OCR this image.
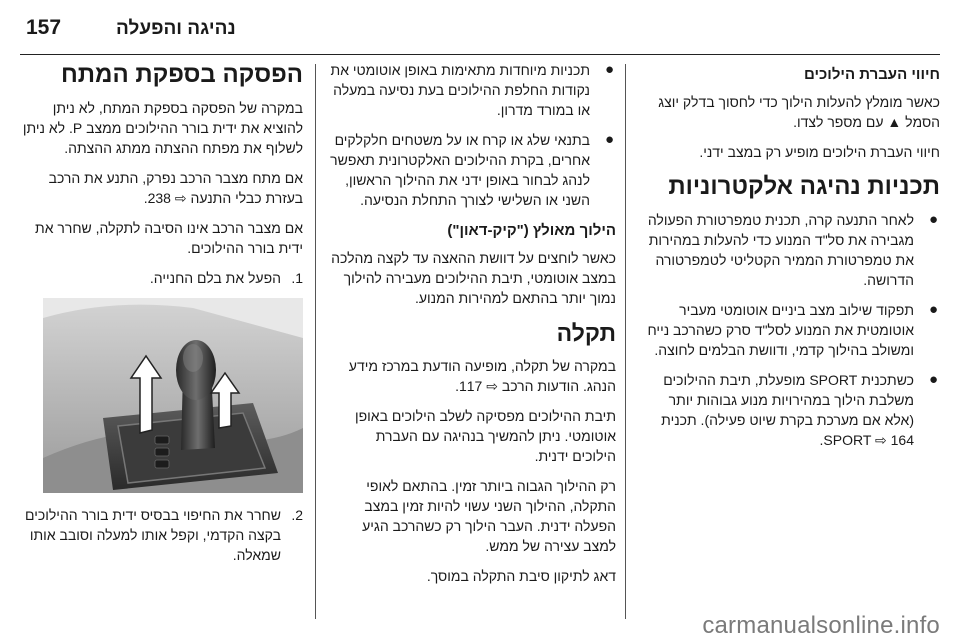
157	נהיגה והפעלה
חיווי העברת הילוכים

כאשר מומלץ להעלות הילוך כדי לחסוך בדלק יוצג הסמל ▲ עם מספר לצדו.

חיווי העברת הילוכים מופיע רק במצב ידני.

תכניות נהיגה אלקטרוניות
●
לאחר התנעה קרה, תכנית טמפרטורת הפעולה מגבירה את סל"ד המנוע כדי להעלות במהירות את טמפרטורת הממיר הקטליטי לטמפרטורה הדרושה.
●
תפקוד שילוב מצב ביניים אוטומטי מעביר אוטומטית את המנוע לסל"ד סרק כשהרכב נייח ומשולב בהילוך קדמי, ודוושת הבלמים לחוצה.
●
כשתכנית SPORT מופעלת, תיבת ההילוכים משלבת הילוך במהירויות מנוע גבוהות יותר (אלא אם מערכת בקרת שיוט פעילה). תכנית SPORT ⇨ 164.
●
תכניות מיוחדות מתאימות באופן אוטומטי את נקודות החלפת ההילוכים בעת נסיעה במעלה או במורד מדרון.
●
בתנאי שלג או קרח או על משטחים חלקלקים אחרים, בקרת ההילוכים האלקטרונית תאפשר לנהג לבחור באופן ידני את ההילוך הראשון, השני או השלישי לצורך התחלת הנסיעה.
הילוך מאולץ ("קיק-דאון")

כאשר לוחצים על דוושת ההאצה עד לקצה מהלכה במצב אוטומטי, תיבת ההילוכים מעבירה להילוך נמוך יותר בהתאם למהירות המנוע.

תקלה

במקרה של תקלה, מופיעה הודעת במרכז מידע הנהג. הודעות הרכב ⇨ 117.

תיבת ההילוכים מפסיקה לשלב הילוכים באופן אוטומטי. ניתן להמשיך בנהיגה עם העברת הילוכים ידנית.

רק ההילוך הגבוה ביותר זמין. בהתאם לאופי התקלה, ההילוך השני עשוי להיות זמין במצב הפעלה ידנית. העבר הילוך רק כשהרכב הגיע למצב עצירה של ממש.

דאג לתיקון סיבת התקלה במוסך.

הפסקה בספקת המתח

במקרה של הפסקה בספקת המתח, לא ניתן להוציא את ידית בורר ההילוכים ממצב P. לא ניתן לשלוף את מפתח ההצתה ממתג ההצתה.

אם מתח מצבר הרכב נפרק, התנע את הרכב בעזרת כבלי התנעה ⇨ 238.

אם מצבר הרכב אינו הסיבה לתקלה, שחרר את ידית בורר ההילוכים.

1.
הפעל את בלם החנייה.
2.
שחרר את החיפוי בבסיס ידית בורר ההילוכים בקצה הקדמי, וקפל אותו למעלה וסובב אותו שמאלה.
carmanualsonline.info
